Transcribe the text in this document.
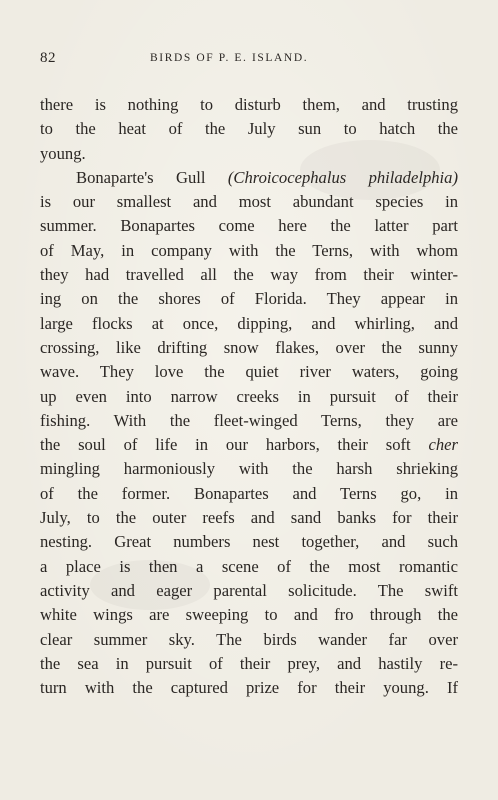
82	BIRDS OF P. E. ISLAND.
there is nothing to disturb them, and trusting
to the heat of the July sun to hatch the
young.
Bonaparte's Gull (Chroicocephalus philadelphia)
is our smallest and most abundant species in
summer. Bonapartes come here the latter part
of May, in company with the Terns, with whom
they had travelled all the way from their winter-
ing on the shores of Florida. They appear in
large flocks at once, dipping, and whirling, and
crossing, like drifting snow flakes, over the sunny
wave. They love the quiet river waters, going
up even into narrow creeks in pursuit of their
fishing. With the fleet-winged Terns, they are
the soul of life in our harbors, their soft cher
mingling harmoniously with the harsh shrieking
of the former. Bonapartes and Terns go, in
July, to the outer reefs and sand banks for their
nesting. Great numbers nest together, and such
a place is then a scene of the most romantic
activity and eager parental solicitude. The swift
white wings are sweeping to and fro through the
clear summer sky. The birds wander far over
the sea in pursuit of their prey, and hastily re-
turn with the captured prize for their young. If
